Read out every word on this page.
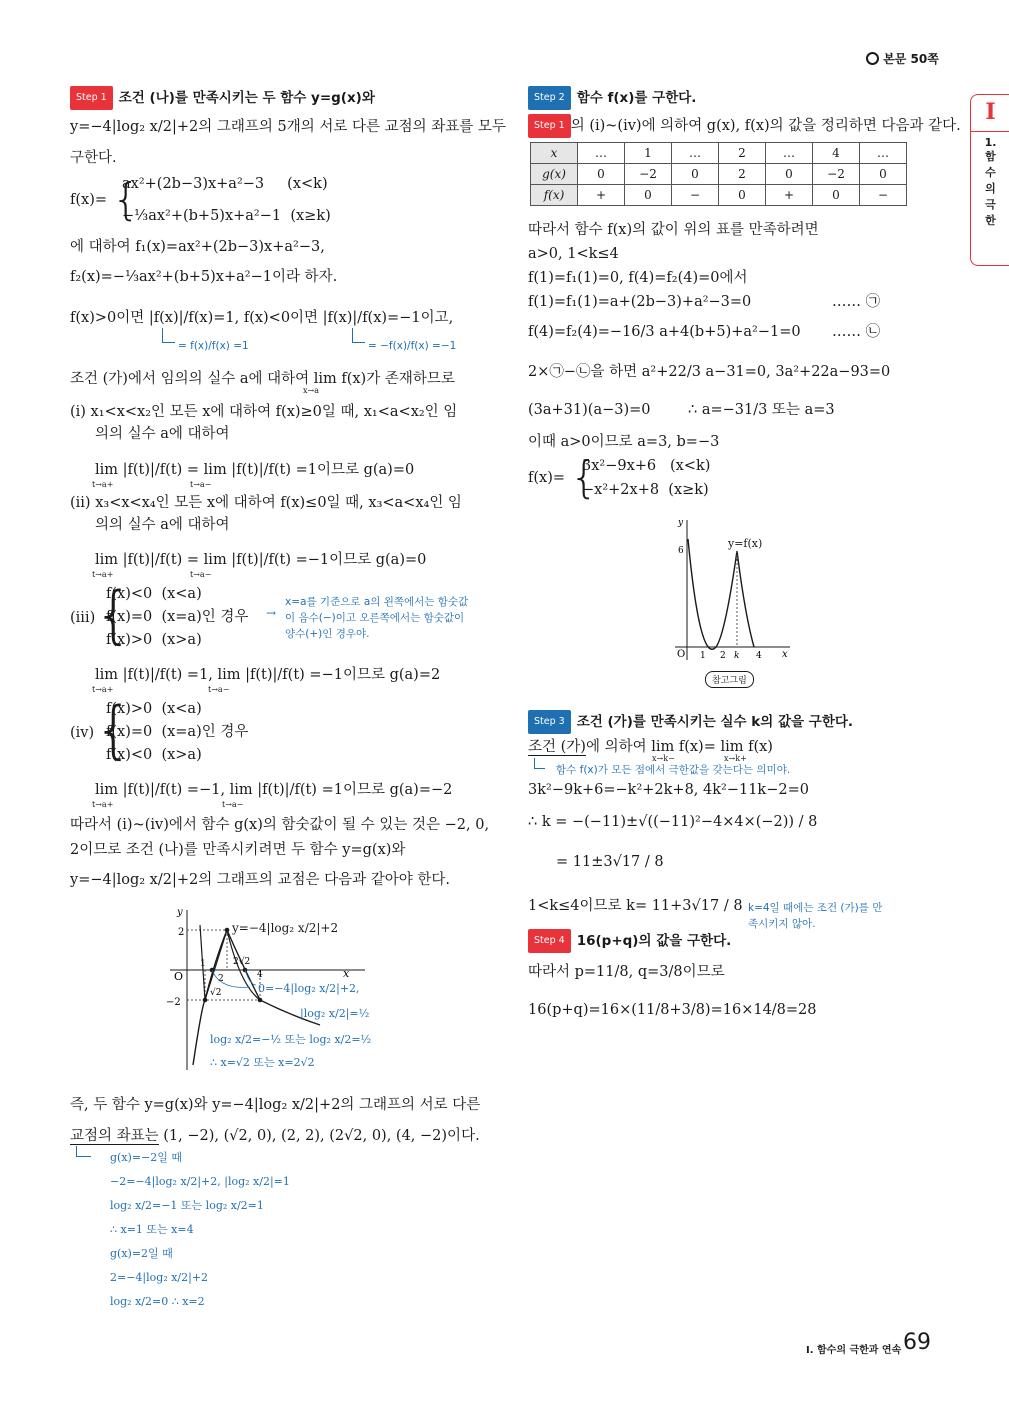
본문 50쪽
I
1.
함
수
의
극
한
Step 1 조건 (나)를 만족시키는 두 함수 y=g(x)와
y=−4|log₂ x/2|+2의 그래프의 5개의 서로 다른 교점의 좌표를 모두
구한다.
f(x)= {
ax²+(2b−3)x+a²−3     (x<k)
−⅓ax²+(b+5)x+a²−1  (x≥k)
에 대하여 f₁(x)=ax²+(2b−3)x+a²−3,
f₂(x)=−⅓ax²+(b+5)x+a²−1이라 하자.
f(x)>0이면 |f(x)|/f(x)=1, f(x)<0이면 |f(x)|/f(x)=−1이고,
= f(x)/f(x) =1	= −f(x)/f(x) =−1
조건 (가)에서 임의의 실수 a에 대하여 lim f(x)가 존재하므로
x→a
(ⅰ) x₁<x<x₂인 모든 x에 대하여 f(x)≥0일 때, x₁<a<x₂인 임
의의 실수 a에 대하여
lim |f(t)|/f(t) = lim |f(t)|/f(t) =1이므로 g(a)=0
t→a+	t→a−
(ⅱ) x₃<x<x₄인 모든 x에 대하여 f(x)≤0일 때, x₃<a<x₄인 임
의의 실수 a에 대하여
lim |f(t)|/f(t) = lim |f(t)|/f(t) =−1이므로 g(a)=0
t→a+	t→a−
(ⅲ)
{
f(x)<0  (x<a)
f(x)=0  (x=a)인 경우
f(x)>0  (x>a)
→
x=a를 기준으로 a의 왼쪽에서는 함숫값이 음수(−)이고 오른쪽에서는 함숫값이 양수(+)인 경우야.
lim |f(t)|/f(t) =1, lim |f(t)|/f(t) =−1이므로 g(a)=2
t→a+	t→a−
(ⅳ) {
f(x)>0  (x<a)
f(x)=0  (x=a)인 경우
f(x)<0  (x>a)
lim |f(t)|/f(t) =−1, lim |f(t)|/f(t) =1이므로 g(a)=−2
t→a+	t→a−
따라서 (ⅰ)~(ⅳ)에서 함수 g(x)의 함숫값이 될 수 있는 것은 −2, 0,
2이므로 조건 (나)를 만족시키려면 두 함수 y=g(x)와
y=−4|log₂ x/2|+2의 그래프의 교점은 다음과 같아야 한다.
x
y
O
2
−2
1
2
2√2
√2
4
y=−4|log₂ x/2|+2
0=−4|log₂ x/2|+2,
|log₂ x/2|=½
log₂ x/2=−½ 또는 log₂ x/2=½
∴ x=√2 또는 x=2√2
즉, 두 함수 y=g(x)와 y=−4|log₂ x/2|+2의 그래프의 서로 다른
교점의 좌표는 (1, −2), (√2, 0), (2, 2), (2√2, 0), (4, −2)이다.
g(x)=−2일 때
−2=−4|log₂ x/2|+2, |log₂ x/2|=1
log₂ x/2=−1 또는 log₂ x/2=1
∴ x=1 또는 x=4
g(x)=2일 때
2=−4|log₂ x/2|+2
log₂ x/2=0 ∴ x=2
Step 2 함수 f(x)를 구한다.
Step 1 의 (ⅰ)~(ⅳ)에 의하여 g(x), f(x)의 값을 정리하면 다음과 같다.
x	…	1	…	2	…	4	…
g(x)	0	−2	0	2	0	−2	0
f(x)	+	0	−	0	+	0	−
따라서 함수 f(x)의 값이 위의 표를 만족하려면
a>0, 1<k≤4
f(1)=f₁(1)=0, f(4)=f₂(4)=0에서
f(1)=f₁(1)=a+(2b−3)+a²−3=0	…… ㉠
f(4)=f₂(4)=−16/3 a+4(b+5)+a²−1=0 …… ㉡
2×㉠−㉡을 하면 a²+22/3 a−31=0, 3a²+22a−93=0
(3a+31)(a−3)=0	∴ a=−31/3 또는 a=3
이때 a>0이므로 a=3, b=−3
f(x)= {
3x²−9x+6   (x<k)
−x²+2x+8  (x≥k)
x
y
O
6
1 2 k 4
y=f(x)
참고그림
Step 3 조건 (가)를 만족시키는 실수 k의 값을 구한다.
조건 (가)에 의하여 lim f(x)= lim f(x)
x→k−	x→k+
함수 f(x)가 모든 점에서 극한값을 갖는다는 의미야.
3k²−9k+6=−k²+2k+8, 4k²−11k−2=0
∴ k = −(−11)±√((−11)²−4×4×(−2)) / 8
= 11±3√17 / 8
1<k≤4이므로 k= 11+3√17 / 8 k=4일 때에는 조건 (가)를 만족시키지 않아.
Step 4 16(p+q)의 값을 구한다.
따라서 p=11/8, q=3/8이므로
16(p+q)=16×(11/8+3/8)=16×14/8=28
Ⅰ. 함수의 극한과 연속 69
